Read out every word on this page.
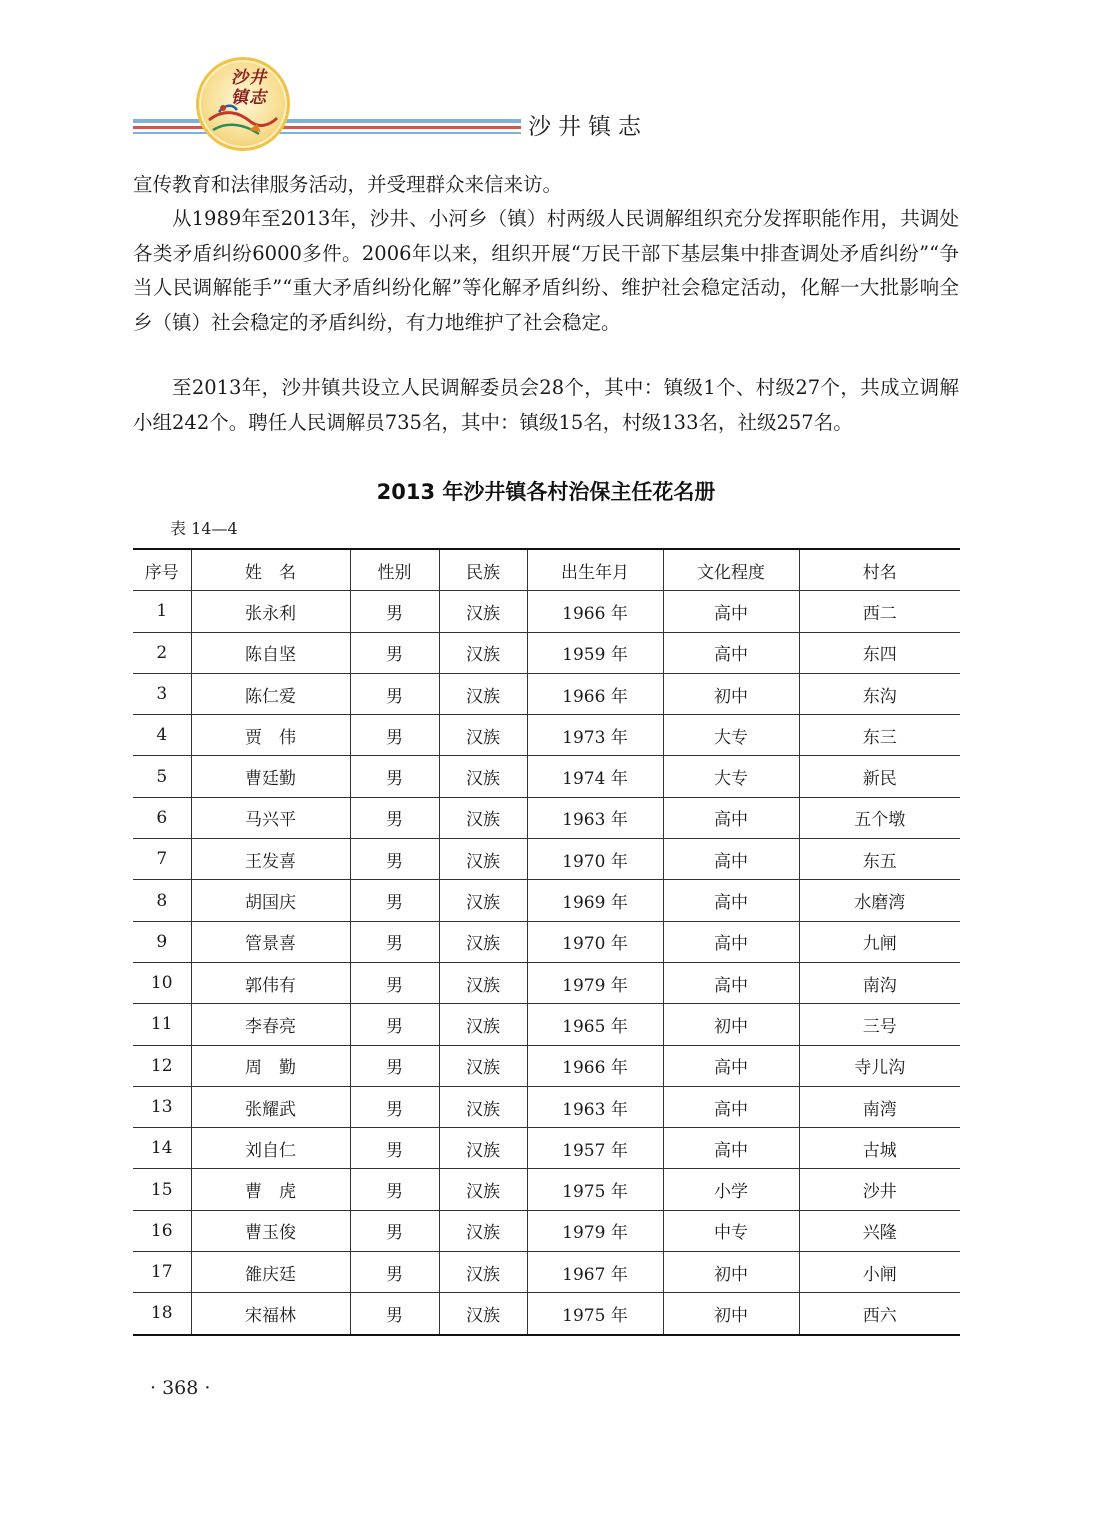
沙井镇志
沙井镇志

宣传教育和法律服务活动，并受理群众来信来访。

从1989年至2013年，沙井、小河乡（镇）村两级人民调解组织充分发挥职能作用，共调处各类矛盾纠纷6000多件。2006年以来，组织开展“万民干部下基层集中排查调处矛盾纠纷”“争当人民调解能手”“重大矛盾纠纷化解”等化解矛盾纠纷、维护社会稳定活动，化解一大批影响全乡（镇）社会稳定的矛盾纠纷，有力地维护了社会稳定。

至2013年，沙井镇共设立人民调解委员会28个，其中：镇级1个、村级27个，共成立调解小组242个。聘任人民调解员735名，其中：镇级15名，村级133名，社级257名。

2013 年沙井镇各村治保主任花名册
表 14—4
序号	姓　名	性别	民族	出生年月	文化程度	村名
1	张永利	男	汉族	1966 年	高中	西二
2	陈自坚	男	汉族	1959 年	高中	东四
3	陈仁爱	男	汉族	1966 年	初中	东沟
4	贾　伟	男	汉族	1973 年	大专	东三
5	曹廷勤	男	汉族	1974 年	大专	新民
6	马兴平	男	汉族	1963 年	高中	五个墩
7	王发喜	男	汉族	1970 年	高中	东五
8	胡国庆	男	汉族	1969 年	高中	水磨湾
9	管景喜	男	汉族	1970 年	高中	九闸
10	郭伟有	男	汉族	1979 年	高中	南沟
11	李春亮	男	汉族	1965 年	初中	三号
12	周　勤	男	汉族	1966 年	高中	寺儿沟
13	张耀武	男	汉族	1963 年	高中	南湾
14	刘自仁	男	汉族	1957 年	高中	古城
15	曹　虎	男	汉族	1975 年	小学	沙井
16	曹玉俊	男	汉族	1979 年	中专	兴隆
17	雒庆廷	男	汉族	1967 年	初中	小闸
18	宋福林	男	汉族	1975 年	初中	西六
· 368 ·
